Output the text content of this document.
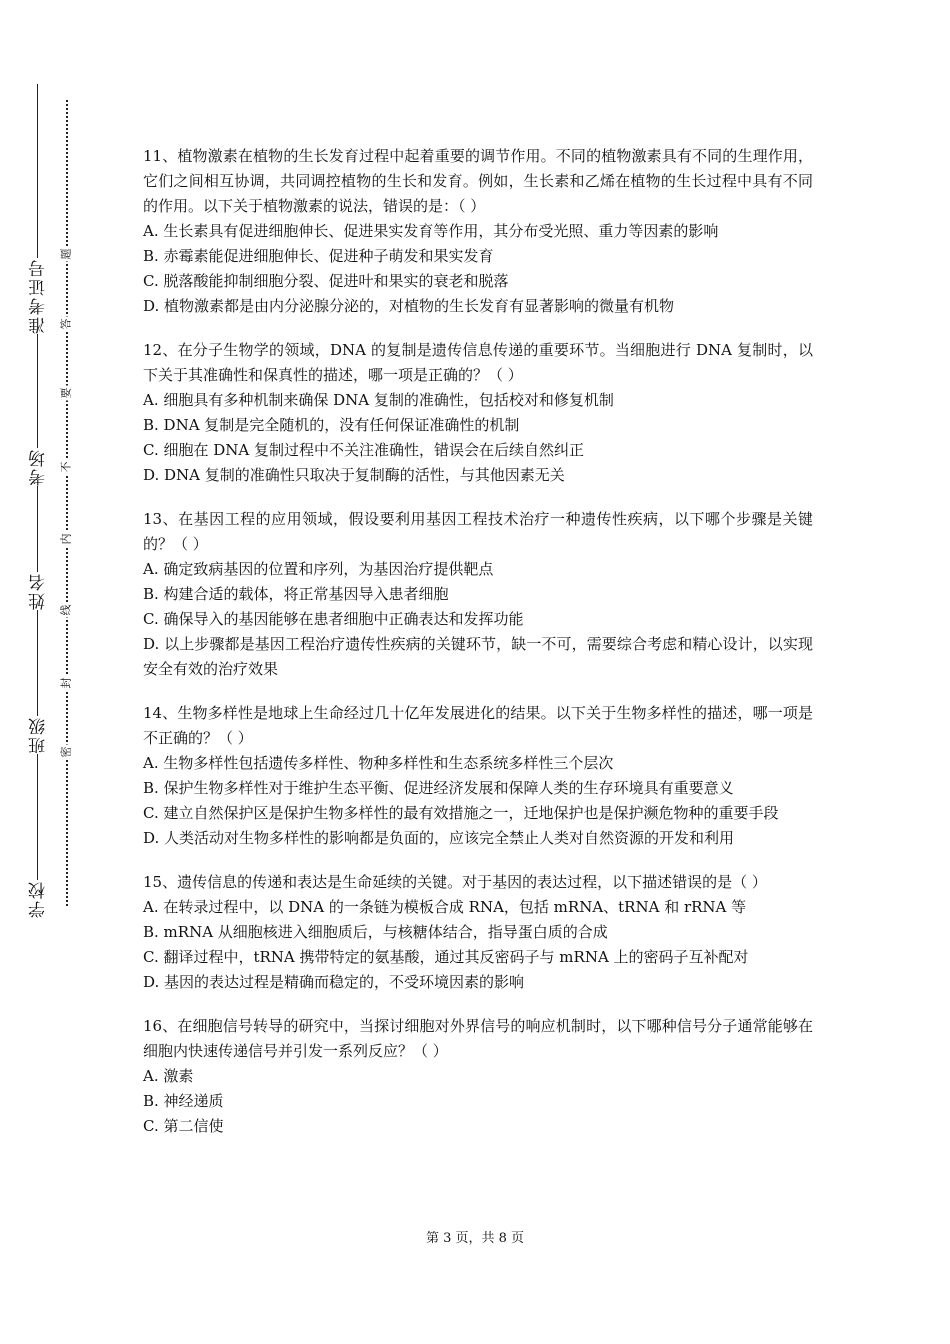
准考证号
考场
姓名
班级
学校
题
答
要
不
内
线
封
密

11、植物激素在植物的生长发育过程中起着重要的调节作用。不同的植物激素具有不同的生理作用，它们之间相互协调，共同调控植物的生长和发育。例如，生长素和乙烯在植物的生长过程中具有不同的作用。以下关于植物激素的说法，错误的是：（ ）

A. 生长素具有促进细胞伸长、促进果实发育等作用，其分布受光照、重力等因素的影响

B. 赤霉素能促进细胞伸长、促进种子萌发和果实发育

C. 脱落酸能抑制细胞分裂、促进叶和果实的衰老和脱落

D. 植物激素都是由内分泌腺分泌的，对植物的生长发育有显著影响的微量有机物

12、在分子生物学的领域，DNA 的复制是遗传信息传递的重要环节。当细胞进行 DNA 复制时，以下关于其准确性和保真性的描述，哪一项是正确的？（ ）

A. 细胞具有多种机制来确保 DNA 复制的准确性，包括校对和修复机制

B. DNA 复制是完全随机的，没有任何保证准确性的机制

C. 细胞在 DNA 复制过程中不关注准确性，错误会在后续自然纠正

D. DNA 复制的准确性只取决于复制酶的活性，与其他因素无关

13、在基因工程的应用领域，假设要利用基因工程技术治疗一种遗传性疾病，以下哪个步骤是关键的？（ ）

A. 确定致病基因的位置和序列，为基因治疗提供靶点

B. 构建合适的载体，将正常基因导入患者细胞

C. 确保导入的基因能够在患者细胞中正确表达和发挥功能

D. 以上步骤都是基因工程治疗遗传性疾病的关键环节，缺一不可，需要综合考虑和精心设计，以实现安全有效的治疗效果

14、生物多样性是地球上生命经过几十亿年发展进化的结果。以下关于生物多样性的描述，哪一项是不正确的？（ ）

A. 生物多样性包括遗传多样性、物种多样性和生态系统多样性三个层次

B. 保护生物多样性对于维护生态平衡、促进经济发展和保障人类的生存环境具有重要意义

C. 建立自然保护区是保护生物多样性的最有效措施之一，迁地保护也是保护濒危物种的重要手段

D. 人类活动对生物多样性的影响都是负面的，应该完全禁止人类对自然资源的开发和利用

15、遗传信息的传递和表达是生命延续的关键。对于基因的表达过程，以下描述错误的是（ ）

A. 在转录过程中，以 DNA 的一条链为模板合成 RNA，包括 mRNA、tRNA 和 rRNA 等

B. mRNA 从细胞核进入细胞质后，与核糖体结合，指导蛋白质的合成

C. 翻译过程中，tRNA 携带特定的氨基酸，通过其反密码子与 mRNA 上的密码子互补配对

D. 基因的表达过程是精确而稳定的，不受环境因素的影响

16、在细胞信号转导的研究中，当探讨细胞对外界信号的响应机制时，以下哪种信号分子通常能够在细胞内快速传递信号并引发一系列反应？（ ）

A. 激素

B. 神经递质

C. 第二信使

第 3 页，共 8 页
